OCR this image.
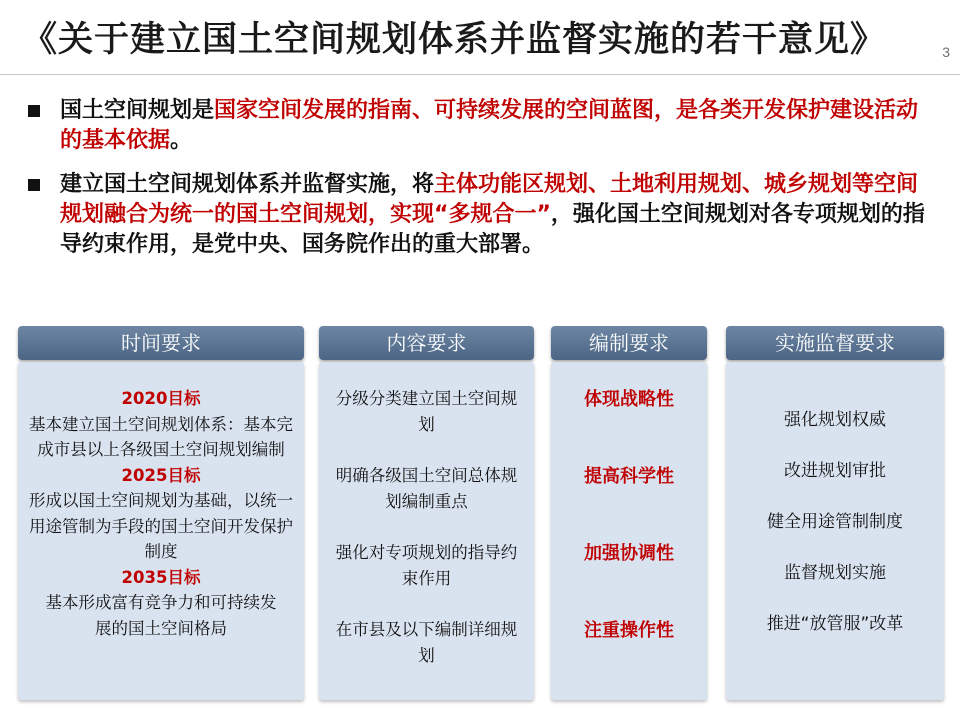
《关于建立国土空间规划体系并监督实施的若干意见》	3
国土空间规划是国家空间发展的指南、可持续发展的空间蓝图，是各类开发保护建设活动的基本依据。
建立国土空间规划体系并监督实施，将主体功能区规划、土地利用规划、城乡规划等空间规划融合为统一的国土空间规划，实现“多规合一”，强化国土空间规划对各专项规划的指导约束作用，是党中央、国务院作出的重大部署。
时间要求
2020目标
基本建立国土空间规划体系：基本完成市县以上各级国土空间规划编制
2025目标
形成以国土空间规划为基础，以统一用途管制为手段的国土空间开发保护制度
2035目标
基本形成富有竞争力和可持续发展的国土空间格局
内容要求
分级分类建立国土空间规划
明确各级国土空间总体规划编制重点
强化对专项规划的指导约束作用
在市县及以下编制详细规划
编制要求
体现战略性
提高科学性
加强协调性
注重操作性
实施监督要求
强化规划权威
改进规划审批
健全用途管制制度
监督规划实施
推进“放管服”改革
